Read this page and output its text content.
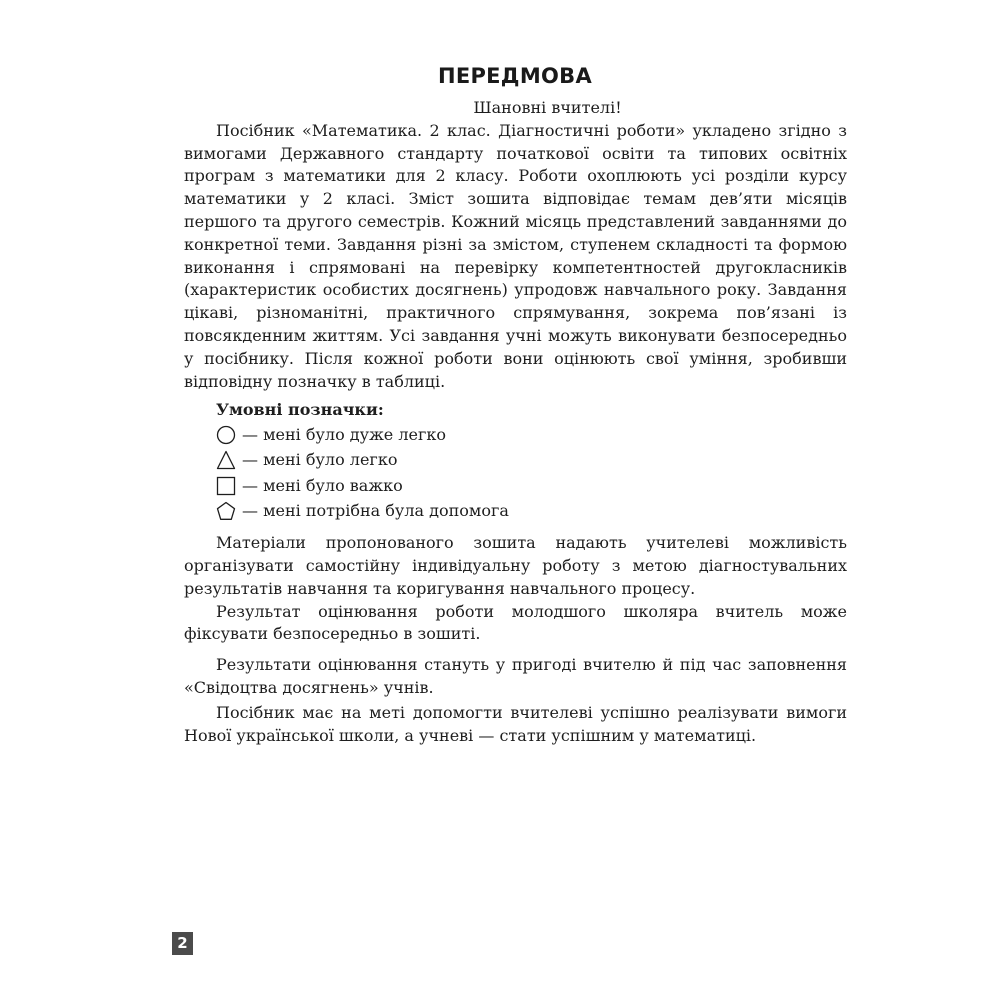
ПЕРЕДМОВА

Шановні вчителі!

Посібник «Математика. 2 клас. Діагностичні роботи» укладено згідно з вимогами Державного стандарту початкової освіти та типових освітніх програм з математики для 2 класу. Роботи охоплюють усі розділи курсу математики у 2 класі. Зміст зошита відповідає темам дев’яти місяців першого та другого семестрів. Кожний місяць представлений завданнями до конкретної теми. Завдання різні за змістом, ступенем складності та формою виконання і спрямовані на перевірку компетентностей другокласників (характеристик особистих досягнень) упродовж навчального року. Завдання цікаві, різноманітні, практичного спрямування, зокрема пов’язані із повсякденним життям. Усі завдання учні можуть виконувати безпосередньо у посібнику. Після кожної роботи вони оцінюють свої уміння, зробивши відповідну позначку в таблиці.

Умовні позначки:
— мені було дуже легко
— мені було легко
— мені було важко
— мені потрібна була допомога

Матеріали пропонованого зошита надають учителеві можливість організувати самостійну індивідуальну роботу з метою діагностувальних результатів навчання та коригування навчального процесу.

Результат оцінювання роботи молодшого школяра вчитель може фіксувати безпосередньо в зошиті.

Результати оцінювання стануть у пригоді вчителю й під час заповнення «Свідоцтва досягнень» учнів.

Посібник має на меті допомогти вчителеві успішно реалізувати вимоги Нової української школи, а учневі — стати успішним у математиці.

2
